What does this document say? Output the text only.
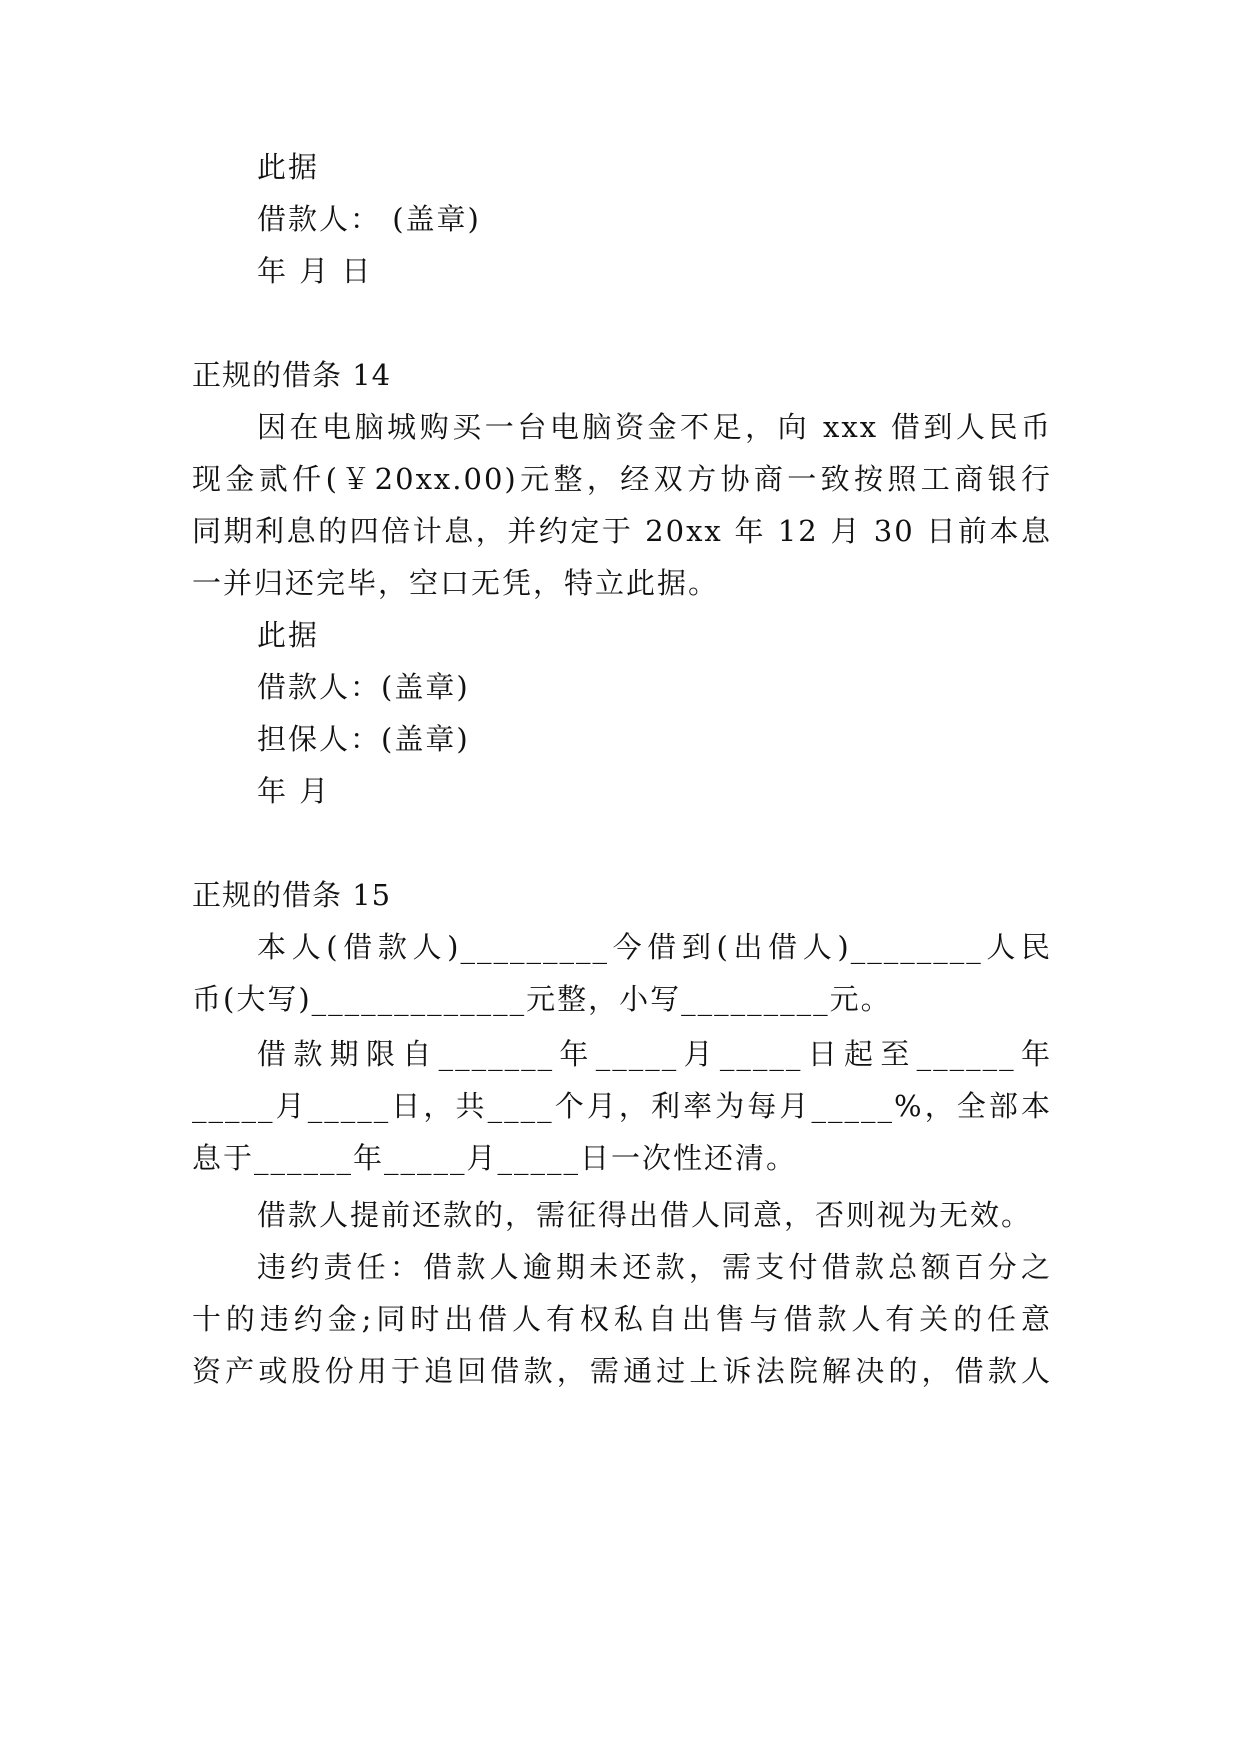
此据
借款人： (盖章)
年 月 日
正规的借条 14
因在电脑城购买一台电脑资金不足，向 xxx 借到人民币
现金贰仟(￥20xx.00)元整，经双方协商一致按照工商银行
同期利息的四倍计息，并约定于 20xx 年 12 月 30 日前本息
一并归还完毕，空口无凭，特立此据。
此据
借款人：(盖章)
担保人：(盖章)
年 月
正规的借条 15
本人(借款人)_________今借到(出借人)________人民
币(大写)_____________元整，小写_________元。
借款期限自_______年_____月_____日起至______年
_____月_____日，共____个月，利率为每月_____%，全部本
息于______年_____月_____日一次性还清。
借款人提前还款的，需征得出借人同意，否则视为无效。
违约责任：借款人逾期未还款，需支付借款总额百分之
十的违约金;同时出借人有权私自出售与借款人有关的任意
资产或股份用于追回借款，需通过上诉法院解决的，借款人
